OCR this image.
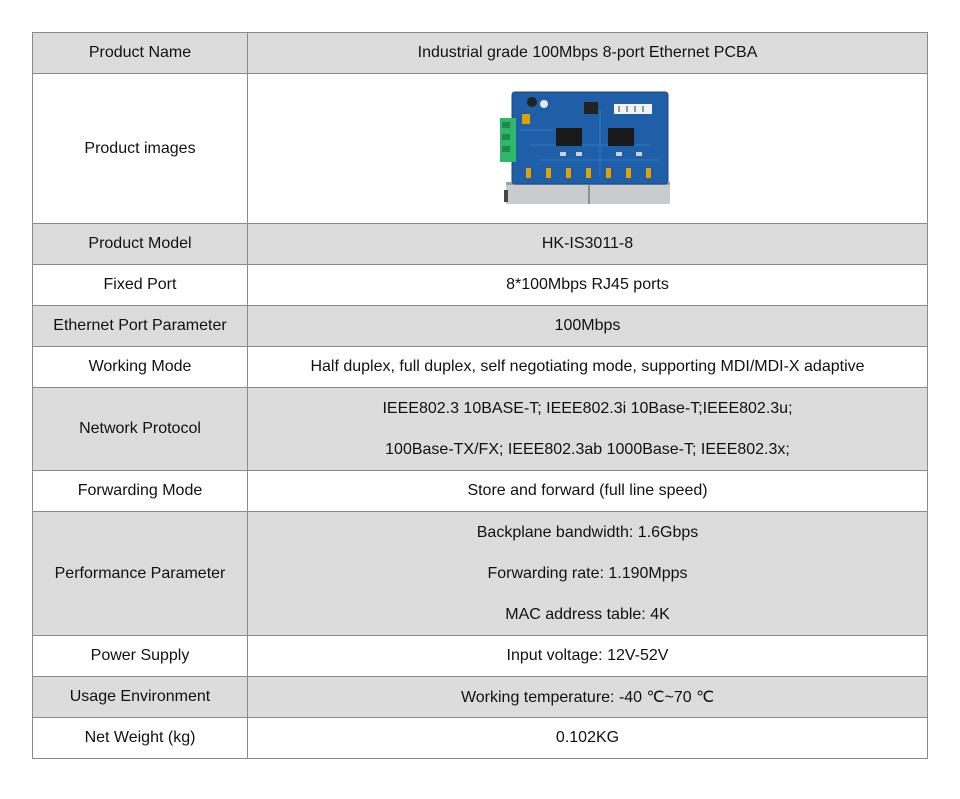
Product Name	Industrial grade 100Mbps 8-port Ethernet PCBA
Product images	

Product Model	HK-IS3011-8
Fixed Port	8*100Mbps RJ45 ports
Ethernet Port Parameter	100Mbps
Working Mode	Half duplex, full duplex, self negotiating mode, supporting MDI/MDI-X adaptive
Network Protocol	IEEE802.3 10BASE-T; IEEE802.3i 10Base-T;IEEE802.3u;
100Base-TX/FX; IEEE802.3ab 1000Base-T; IEEE802.3x;

Forwarding Mode	Store and forward (full line speed)
Performance Parameter	Backplane bandwidth: 1.6Gbps
Forwarding rate: 1.190Mpps
MAC address table: 4K

Power Supply	Input voltage: 12V-52V
Usage Environment	Working temperature: -40 ℃~70 ℃
Net Weight (kg)	0.102KG
